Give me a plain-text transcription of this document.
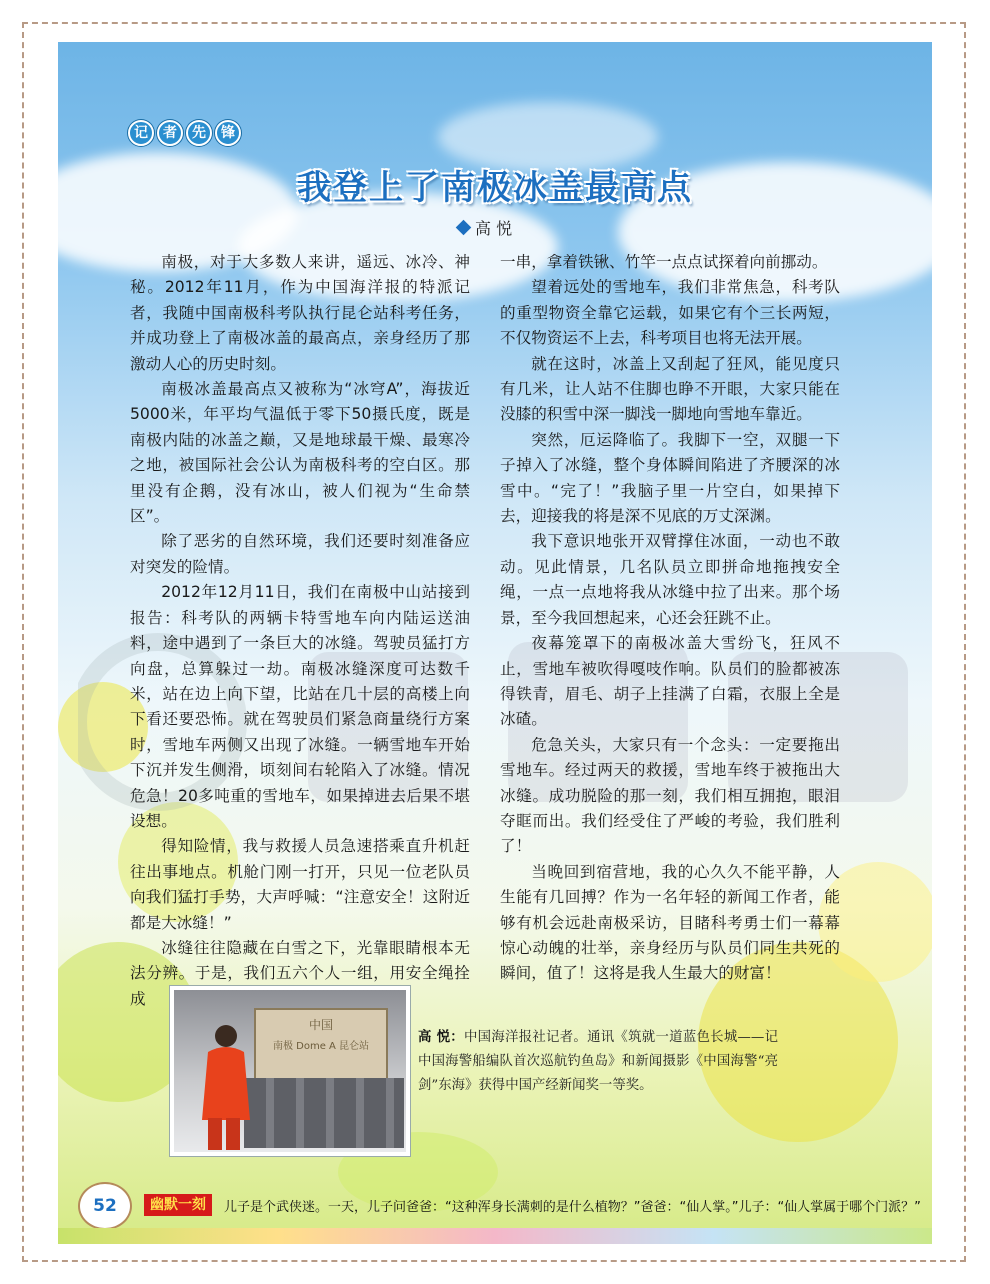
记	者	先	锋
我登上了南极冰盖最高点
高 悦

南极，对于大多数人来讲，遥远、冰冷、神秘。2012年11月，作为中国海洋报的特派记者，我随中国南极科考队执行昆仑站科考任务，并成功登上了南极冰盖的最高点，亲身经历了那激动人心的历史时刻。

南极冰盖最高点又被称为“冰穹A”，海拔近5000米，年平均气温低于零下50摄氏度，既是南极内陆的冰盖之巅，又是地球最干燥、最寒冷之地，被国际社会公认为南极科考的空白区。那里没有企鹅，没有冰山，被人们视为“生命禁区”。

除了恶劣的自然环境，我们还要时刻准备应对突发的险情。

2012年12月11日，我们在南极中山站接到报告：科考队的两辆卡特雪地车向内陆运送油料，途中遇到了一条巨大的冰缝。驾驶员猛打方向盘，总算躲过一劫。南极冰缝深度可达数千米，站在边上向下望，比站在几十层的高楼上向下看还要恐怖。就在驾驶员们紧急商量绕行方案时，雪地车两侧又出现了冰缝。一辆雪地车开始下沉并发生侧滑，顷刻间右轮陷入了冰缝。情况危急！20多吨重的雪地车，如果掉进去后果不堪设想。

得知险情，我与救援人员急速搭乘直升机赶往出事地点。机舱门刚一打开，只见一位老队员向我们猛打手势，大声呼喊：“注意安全！这附近都是大冰缝！”

冰缝往往隐藏在白雪之下，光靠眼睛根本无法分辨。于是，我们五六个人一组，用安全绳拴成

一串，拿着铁锹、竹竿一点点试探着向前挪动。

望着远处的雪地车，我们非常焦急，科考队的重型物资全靠它运载，如果它有个三长两短，不仅物资运不上去，科考项目也将无法开展。

就在这时，冰盖上又刮起了狂风，能见度只有几米，让人站不住脚也睁不开眼，大家只能在没膝的积雪中深一脚浅一脚地向雪地车靠近。

突然，厄运降临了。我脚下一空，双腿一下子掉入了冰缝，整个身体瞬间陷进了齐腰深的冰雪中。“完了！”我脑子里一片空白，如果掉下去，迎接我的将是深不见底的万丈深渊。

我下意识地张开双臂撑住冰面，一动也不敢动。见此情景，几名队员立即拼命地拖拽安全绳，一点一点地将我从冰缝中拉了出来。那个场景，至今我回想起来，心还会狂跳不止。

夜幕笼罩下的南极冰盖大雪纷飞，狂风不止，雪地车被吹得嘎吱作响。队员们的脸都被冻得铁青，眉毛、胡子上挂满了白霜，衣服上全是冰碴。

危急关头，大家只有一个念头：一定要拖出雪地车。经过两天的救援，雪地车终于被拖出大冰缝。成功脱险的那一刻，我们相互拥抱，眼泪夺眶而出。我们经受住了严峻的考验，我们胜利了！

当晚回到宿营地，我的心久久不能平静，人生能有几回搏？作为一名年轻的新闻工作者，能够有机会远赴南极采访，目睹科考勇士们一幕幕惊心动魄的壮举，亲身经历与队员们同生共死的瞬间，值了！这将是我人生最大的财富！

中国
南极 Dome A 昆仑站
高 悦：中国海洋报社记者。通讯《筑就一道蓝色长城——记中国海警船编队首次巡航钓鱼岛》和新闻摄影《中国海警“亮剑”东海》获得中国产经新闻奖一等奖。
52	幽默一刻	儿子是个武侠迷。一天，儿子问爸爸：“这种浑身长满刺的是什么植物？”爸爸：“仙人掌。”儿子：“仙人掌属于哪个门派？”
